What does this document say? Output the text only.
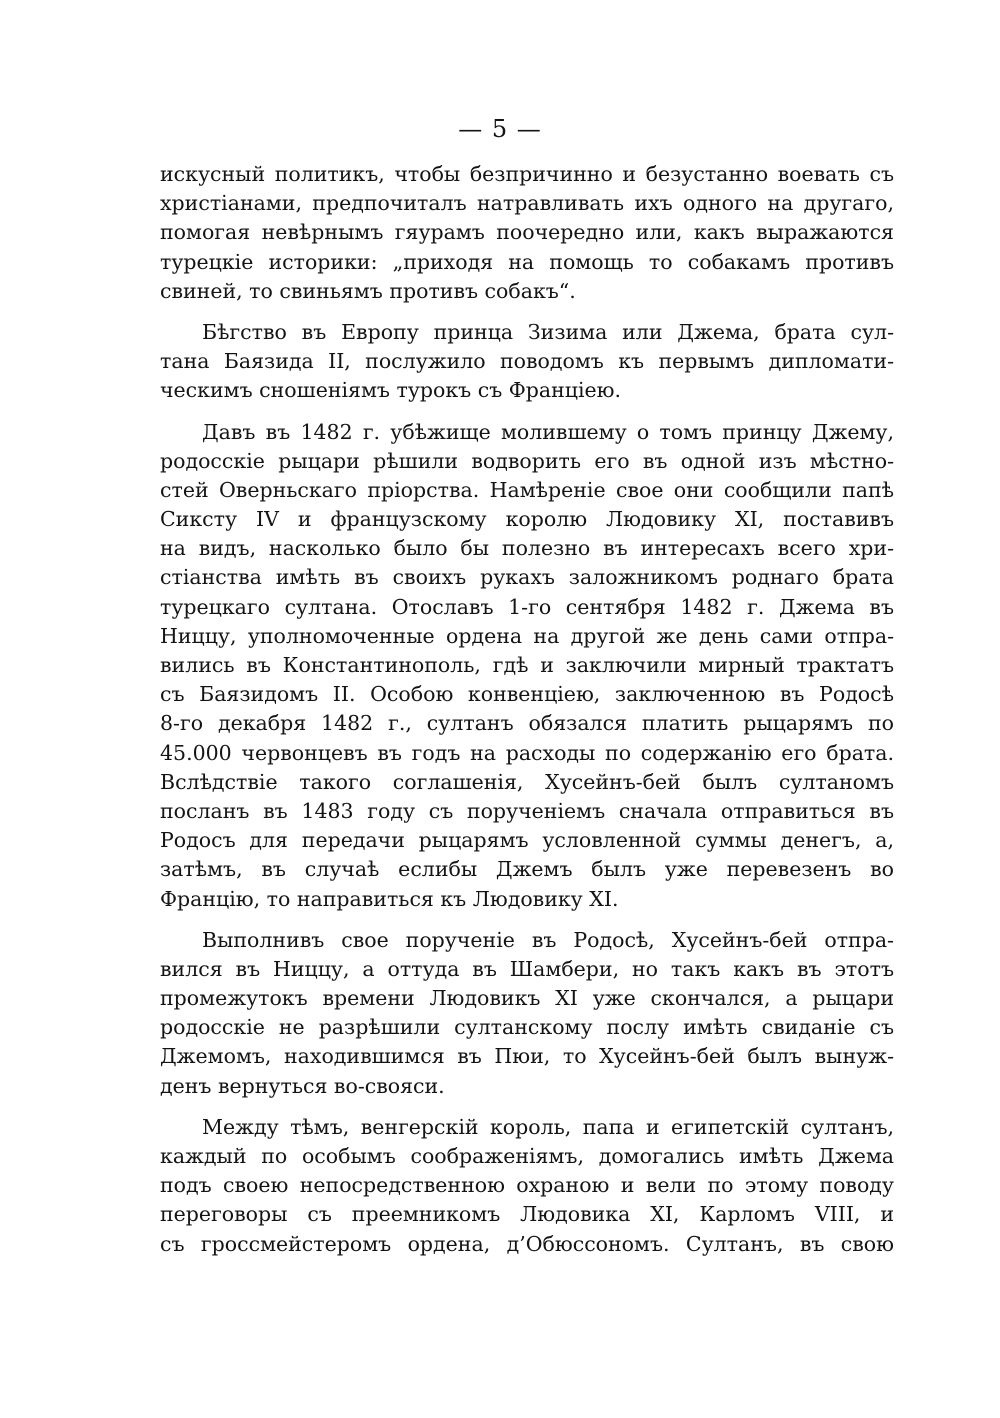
— 5 —
искусный политикъ, чтобы безпричинно и безустанно воевать съ
христіанами, предпочиталъ натравливать ихъ одного на другаго,
помогая невѣрнымъ гяурамъ поочередно или, какъ выражаются
турецкіе историки: „приходя на помощь то собакамъ противъ
свиней, то свиньямъ противъ собакъ“.
Бѣгство въ Европу принца Зизима или Джема, брата сул-
тана Баязида II, послужило поводомъ къ первымъ дипломати-
ческимъ сношеніямъ турокъ съ Франціею.
Давъ въ 1482 г. убѣжище молившему о томъ принцу Джему,
родосскіе рыцари рѣшили водворить его въ одной изъ мѣстно-
стей Оверньскаго пріорства. Намѣреніе свое они сообщили папѣ
Сиксту IV и французскому королю Людовику XI, поставивъ
на видъ, насколько было бы полезно въ интересахъ всего хри-
стіанства имѣть въ своихъ рукахъ заложникомъ роднаго брата
турецкаго султана. Отославъ 1-го сентября 1482 г. Джема въ
Ниццу, уполномоченные ордена на другой же день сами отпра-
вились въ Константинополь, гдѣ и заключили мирный трактатъ
съ Баязидомъ II. Особою конвенціею, заключенною въ Родосѣ
8-го декабря 1482 г., султанъ обязался платить рыцарямъ по
45.000 червонцевъ въ годъ на расходы по содержанію его брата.
Вслѣдствіе такого соглашенія, Хусейнъ-бей былъ султаномъ
посланъ въ 1483 году съ порученіемъ сначала отправиться въ
Родосъ для передачи рыцарямъ условленной суммы денегъ, а,
затѣмъ, въ случаѣ еслибы Джемъ былъ уже перевезенъ во
Францію, то направиться къ Людовику XI.
Выполнивъ свое порученіе въ Родосѣ, Хусейнъ-бей отпра-
вился въ Ниццу, а оттуда въ Шамбери, но такъ какъ въ этотъ
промежутокъ времени Людовикъ XI уже скончался, а рыцари
родосскіе не разрѣшили султанскому послу имѣть свиданіе съ
Джемомъ, находившимся въ Пюи, то Хусейнъ-бей былъ вынуж-
денъ вернуться во-свояси.
Между тѣмъ, венгерскій король, папа и египетскій султанъ,
каждый по особымъ соображеніямъ, домогались имѣть Джема
подъ своею непосредственною охраною и вели по этому поводу
переговоры съ преемникомъ Людовика XI, Карломъ VIII, и
съ гроссмейстеромъ ордена, д’Обюссономъ. Султанъ, въ свою
